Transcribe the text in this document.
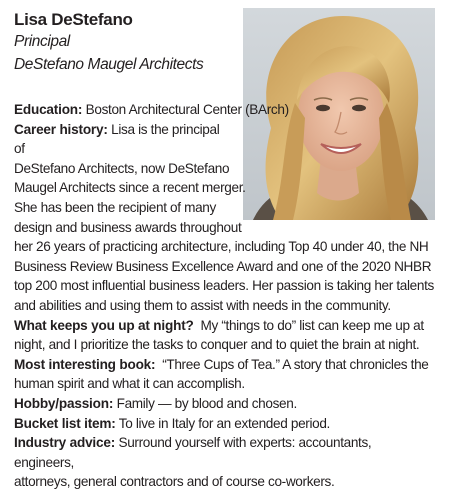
Lisa DeStefano
Principal
DeStefano Maugel Architects

Education: Boston Architectural Center (BArch)

Career history: Lisa is the principal of

DeStefano Architects, now DeStefano

Maugel Architects since a recent merger.

She has been the recipient of many

design and business awards throughout

her 26 years of practicing architecture, including Top 40 under 40, the NH

Business Review Business Excellence Award and one of the 2020 NHBR

top 200 most influential business leaders. Her passion is taking her talents

and abilities and using them to assist with needs in the community.

What keeps you up at night? My “things to do” list can keep me up at

night, and I prioritize the tasks to conquer and to quiet the brain at night.

Most interesting book: “Three Cups of Tea.” A story that chronicles the

human spirit and what it can accomplish.

Hobby/passion: Family — by blood and chosen.

Bucket list item: To live in Italy for an extended period.

Industry advice: Surround yourself with experts: accountants, engineers,

attorneys, general contractors and of course co-workers.
